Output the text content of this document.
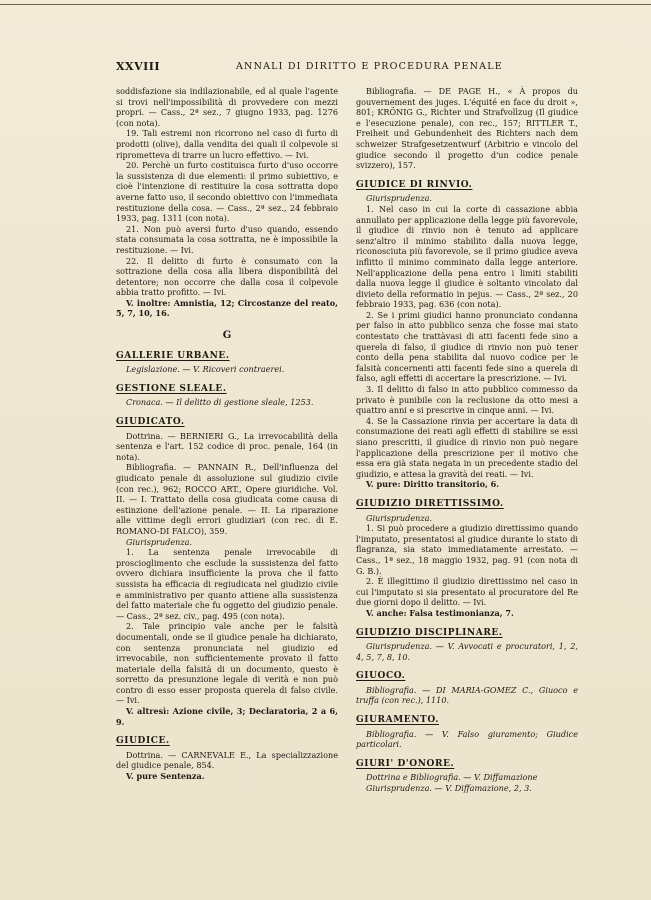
XXVIII	ANNALI DI DIRITTO E PROCEDURA PENALE

soddisfazione sia indilazionabile, ed al quale l'agente si trovi nell'impossibilità di provvedere con mezzi propri. — Cass., 2ª sez., 7 giugno 1933, pag. 1276 (con nota).

19. Tali estremi non ricorrono nel caso di furto di prodotti (olive), dalla vendita dei quali il colpevole si riprometteva di trarre un lucro effettivo. — Ivi.

20. Perchè un furto costituisca furto d'uso occorre la sussistenza di due elementi: il primo subiettivo, e cioè l'intenzione di restituire la cosa sottratta dopo averne fatto uso, il secondo obiettivo con l'immediata restituzione della cosa. — Cass., 2ª sez., 24 febbraio 1933, pag. 1311 (con nota).

21. Non può aversi furto d'uso quando, essendo stata consumata la cosa sottratta, ne è impossibile la restituzione. — Ivi.

22. Il delitto di furto è consumato con la sottrazione della cosa alla libera disponibilità del detentore; non occorre che dalla cosa il colpevole abbia tratto profitto. — Ivi.

V. inoltre: Amnistia, 12; Circostanze del reato, 5, 7, 10, 16.

G
GALLERIE URBANE.

Legislazione. — V. Ricoveri contraerei.

GESTIONE SLEALE.

Cronaca. — Il delitto di gestione sleale, 1253.

GIUDICATO.

Dottrina. — BERNIERI G., La irrevocabilità della sentenza e l'art. 152 codice di proc. penale, 164 (in nota).

Bibliografia. — PANNAIN R., Dell'influenza del giudicato penale di assoluzione sul giudizio civile (con rec.), 962; ROCCO ART., Opere giuridiche. Vol. II. — I. Trattato della cosa giudicata come causa di estinzione dell'azione penale. — II. La riparazione alle vittime degli errori giudiziari (con rec. di E. ROMANO-DI FALCO), 359.

Giurisprudenza.

1. La sentenza penale irrevocabile di proscioglimento che esclude la sussistenza del fatto ovvero dichiara insufficiente la prova che il fatto sussista ha efficacia di regiudicata nel giudizio civile e amministrativo per quanto attiene alla sussistenza del fatto materiale che fu oggetto del giudizio penale. — Cass., 2ª sez. civ., pag. 495 (con nota).

2. Tale principio vale anche per le falsità documentali, onde se il giudice penale ha dichiarato, con sentenza pronunciata nel giudizio ed irrevocabile, non sufficientemente provato il fatto materiale della falsità di un documento, questo è sorretto da presunzione legale di verità e non può contro di esso esser proposta querela di falso civile. — Ivi.

V. altresì: Azione civile, 3; Declaratoria, 2 a 6, 9.

GIUDICE.

Dottrina. — CARNEVALE E., La specializzazione del giudice penale, 854.

V. pure Sentenza.

Bibliografia. — DE PAGE H., « À propos du gouvernement des juges. L'équité en face du droit », 801; KRÖNIG G., Richter und Strafvollzug (Il giudice e l'esecuzione penale), con rec., 157; RITTLER T., Freiheit und Gebundenheit des Richters nach dem schweizer Strafgesetzentwurf (Arbitrio e vincolo del giudice secondo il progetto d'un codice penale svizzero), 157.

GIUDICE DI RINVIO.

Giurisprudenza.

1. Nel caso in cui la corte di cassazione abbia annullato per applicazione della legge più favorevole, il giudice di rinvio non è tenuto ad applicare senz'altro il minimo stabilito dalla nuova legge, riconosciuta più favorevole, se il primo giudice aveva inflitto il minimo comminato dalla legge anteriore. Nell'applicazione della pena entro i limiti stabiliti dalla nuova legge il giudice è soltanto vincolato dal divieto della reformatio in pejus. — Cass., 2ª sez., 20 febbraio 1933, pag. 636 (con nota).

2. Se i primi giudici hanno pronunciato condanna per falso in atto pubblico senza che fosse mai stato contestato che trattàvasi di atti facenti fede sino a querela di falso, il giudice di rinvio non può tener conto della pena stabilita dal nuovo codice per le falsità concernenti atti facenti fede sino a querela di falso, agli effetti di accertare la prescrizione. — Ivi.

3. Il delitto di falso in atto pubblico commesso da privato è punibile con la reclusione da otto mesi a quattro anni e si prescrive in cinque anni. — Ivi.

4. Se la Cassazione rinvia per accertare la data di consumazione dei reati agli effetti di stabilire se essi siano prescritti, il giudice di rinvio non può negare l'applicazione della prescrizione per il motivo che essa era già stata negata in un precedente stadio del giudizio, e attesa la gravità dei reati. — Ivi.

V. pure: Diritto transitorio, 6.

GIUDIZIO DIRETTISSIMO.

Giurisprudenza.

1. Si può procedere a giudizio direttissimo quando l'imputato, presentatosi al giudice durante lo stato di flagranza, sia stato immediatamente arrestato. — Cass., 1ª sez., 18 maggio 1932, pag. 91 (con nota di G. B.).

2. È illegittimo il giudizio direttissimo nel caso in cui l'imputato si sia presentato al procuratore del Re due giorni dopo il delitto. — Ivi.

V. anche: Falsa testimonianza, 7.

GIUDIZIO DISCIPLINARE.

Giurisprudenza. — V. Avvocati e procuratori, 1, 2, 4, 5, 7, 8, 10.

GIUOCO.

Bibliografia. — DI MARIA-GOMEZ C., Giuoco e truffa (con rec.), 1110.

GIURAMENTO.

Bibliografia. — V. Falso giuramento; Giudice particolari.

GIURI' D'ONORE.

Dottrina e Bibliografia. — V. Diffamazione

Giurisprudenza. — V. Diffamazione, 2, 3.
